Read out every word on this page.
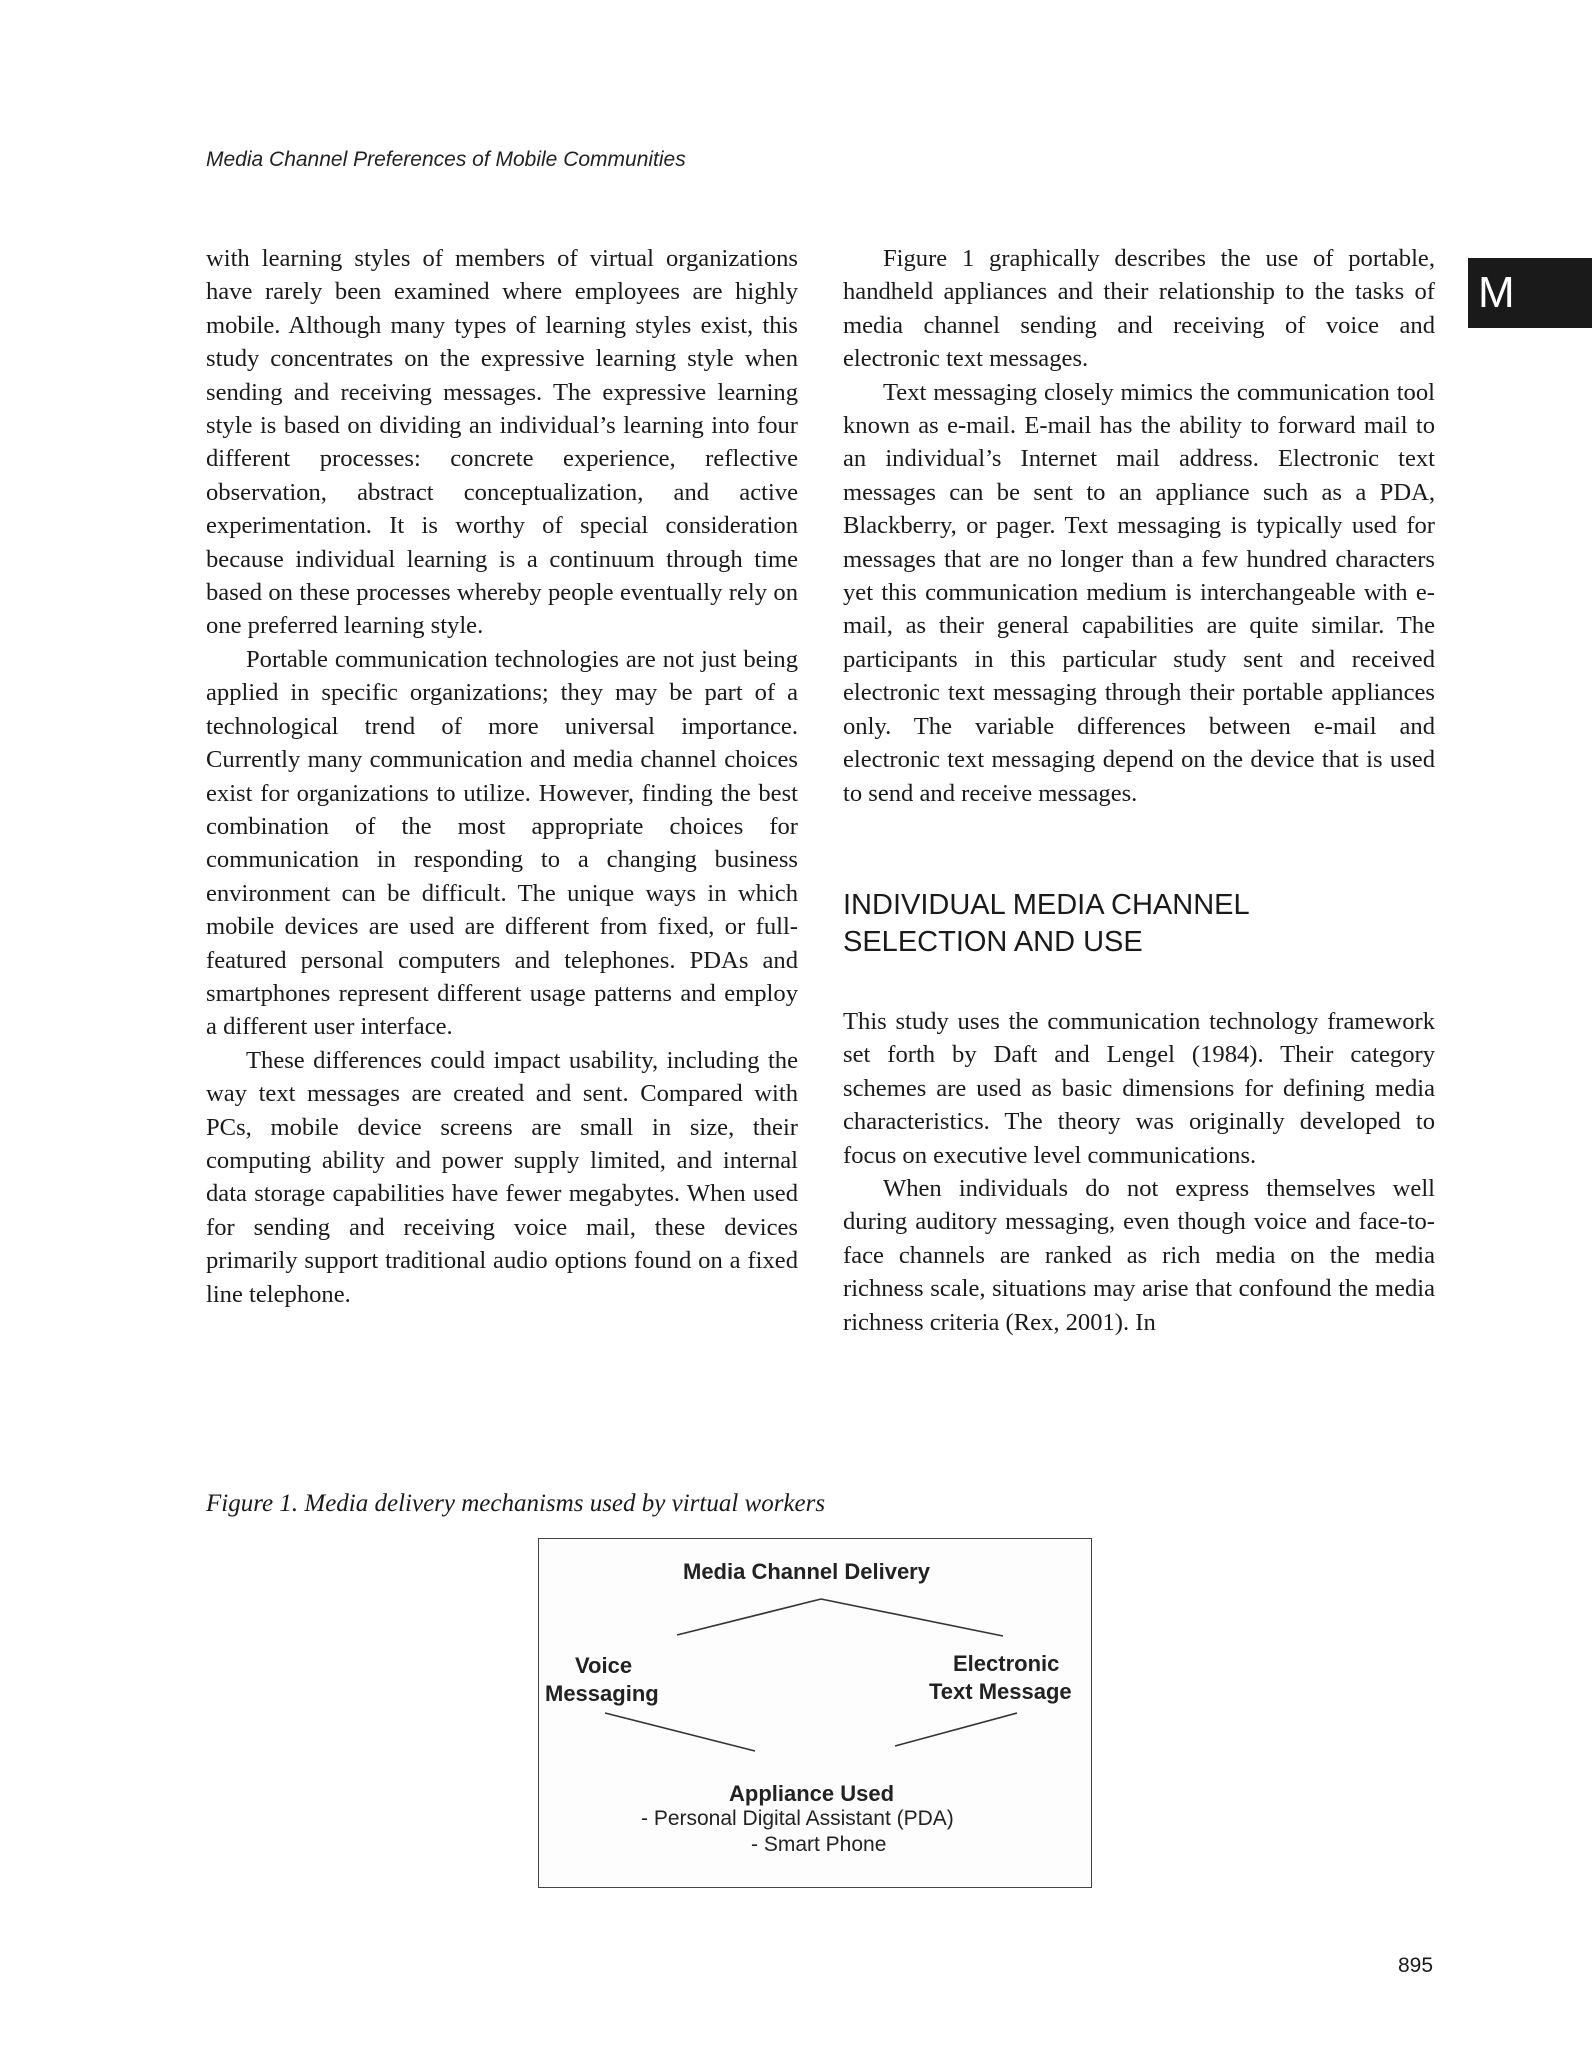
Media Channel Preferences of Mobile Communities
M

with learning styles of members of virtual organizations have rarely been examined where employees are highly mobile. Although many types of learning styles exist, this study concentrates on the expressive learning style when sending and receiving messages. The expressive learning style is based on dividing an individual’s learning into four different processes: concrete experience, reflective observation, abstract conceptualization, and active experimentation. It is worthy of special consideration because individual learning is a continuum through time based on these processes whereby people eventually rely on one preferred learning style.

Portable communication technologies are not just being applied in specific organizations; they may be part of a technological trend of more universal importance. Currently many communication and media channel choices exist for organizations to utilize. However, finding the best combination of the most appropriate choices for communication in responding to a changing business environment can be difficult. The unique ways in which mobile devices are used are different from fixed, or full-featured personal computers and telephones. PDAs and smartphones represent different usage patterns and employ a different user interface.

These differences could impact usability, including the way text messages are created and sent. Compared with PCs, mobile device screens are small in size, their computing ability and power supply limited, and internal data storage capabilities have fewer megabytes. When used for sending and receiving voice mail, these devices primarily support traditional audio options found on a fixed line telephone.

Figure 1 graphically describes the use of portable, handheld appliances and their relationship to the tasks of media channel sending and receiving of voice and electronic text messages.

Text messaging closely mimics the communication tool known as e-mail. E-mail has the ability to forward mail to an individual’s Internet mail address. Electronic text messages can be sent to an appliance such as a PDA, Blackberry, or pager. Text messaging is typically used for messages that are no longer than a few hundred characters yet this communication medium is interchangeable with e-mail, as their general capabilities are quite similar. The participants in this particular study sent and received electronic text messaging through their portable appliances only. The variable differences between e-mail and electronic text messaging depend on the device that is used to send and receive messages.

INDIVIDUAL MEDIA CHANNEL
SELECTION AND USE

This study uses the communication technology framework set forth by Daft and Lengel (1984). Their category schemes are used as basic dimensions for defining media characteristics. The theory was originally developed to focus on executive level communications.

When individuals do not express themselves well during auditory messaging, even though voice and face-to-face channels are ranked as rich media on the media richness scale, situations may arise that confound the media richness criteria (Rex, 2001). In

Figure 1. Media delivery mechanisms used by virtual workers
Media Channel Delivery
Voice
Messaging
Electronic
Text Message
Appliance Used
- Personal Digital Assistant (PDA)
- Smart Phone
895
